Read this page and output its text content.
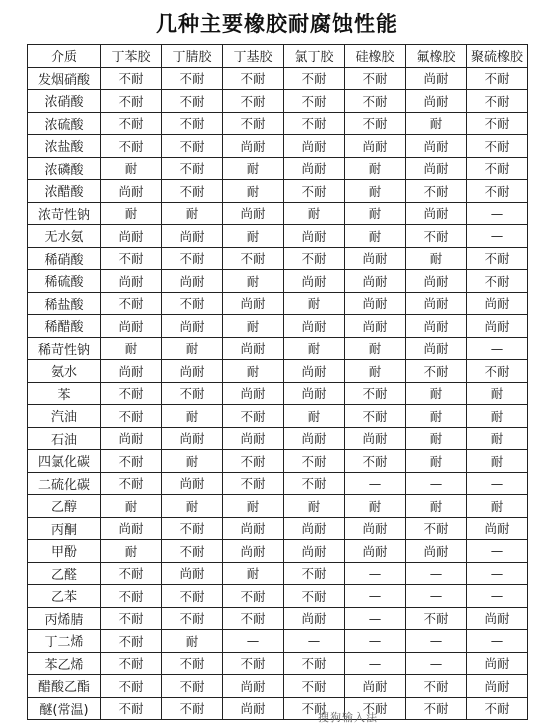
几种主要橡胶耐腐蚀性能
介质	丁苯胶	丁腈胶	丁基胶	氯丁胶	硅橡胶	氟橡胶	聚硫橡胶
发烟硝酸	不耐	不耐	不耐	不耐	不耐	尚耐	不耐
浓硝酸	不耐	不耐	不耐	不耐	不耐	尚耐	不耐
浓硫酸	不耐	不耐	不耐	不耐	不耐	耐	不耐
浓盐酸	不耐	不耐	尚耐	尚耐	尚耐	尚耐	不耐
浓磷酸	耐	不耐	耐	尚耐	耐	尚耐	不耐
浓醋酸	尚耐	不耐	耐	不耐	耐	不耐	不耐
浓苛性钠	耐	耐	尚耐	耐	耐	尚耐	—
无水氨	尚耐	尚耐	耐	尚耐	耐	不耐	—
稀硝酸	不耐	不耐	不耐	不耐	尚耐	耐	不耐
稀硫酸	尚耐	尚耐	耐	尚耐	尚耐	尚耐	不耐
稀盐酸	不耐	不耐	尚耐	耐	尚耐	尚耐	尚耐
稀醋酸	尚耐	尚耐	耐	尚耐	尚耐	尚耐	尚耐
稀苛性钠	耐	耐	尚耐	耐	耐	尚耐	—
氨水	尚耐	尚耐	耐	尚耐	耐	不耐	不耐
苯	不耐	不耐	尚耐	尚耐	不耐	耐	耐
汽油	不耐	耐	不耐	耐	不耐	耐	耐
石油	尚耐	尚耐	尚耐	尚耐	尚耐	耐	耐
四氯化碳	不耐	耐	不耐	不耐	不耐	耐	耐
二硫化碳	不耐	尚耐	不耐	不耐	—	—	—
乙醇	耐	耐	耐	耐	耐	耐	耐
丙酮	尚耐	不耐	尚耐	尚耐	尚耐	不耐	尚耐
甲酚	耐	不耐	尚耐	尚耐	尚耐	尚耐	—
乙醛	不耐	尚耐	耐	不耐	—	—	—
乙苯	不耐	不耐	不耐	不耐	—	—	—
丙烯腈	不耐	不耐	不耐	尚耐	—	不耐	尚耐
丁二烯	不耐	耐	—	—	—	—	—
苯乙烯	不耐	不耐	不耐	不耐	—	—	尚耐
醋酸乙酯	不耐	不耐	尚耐	不耐	尚耐	不耐	尚耐
醚(常温)	不耐	不耐	尚耐	不耐	不耐	不耐	不耐
搜狗输入法
